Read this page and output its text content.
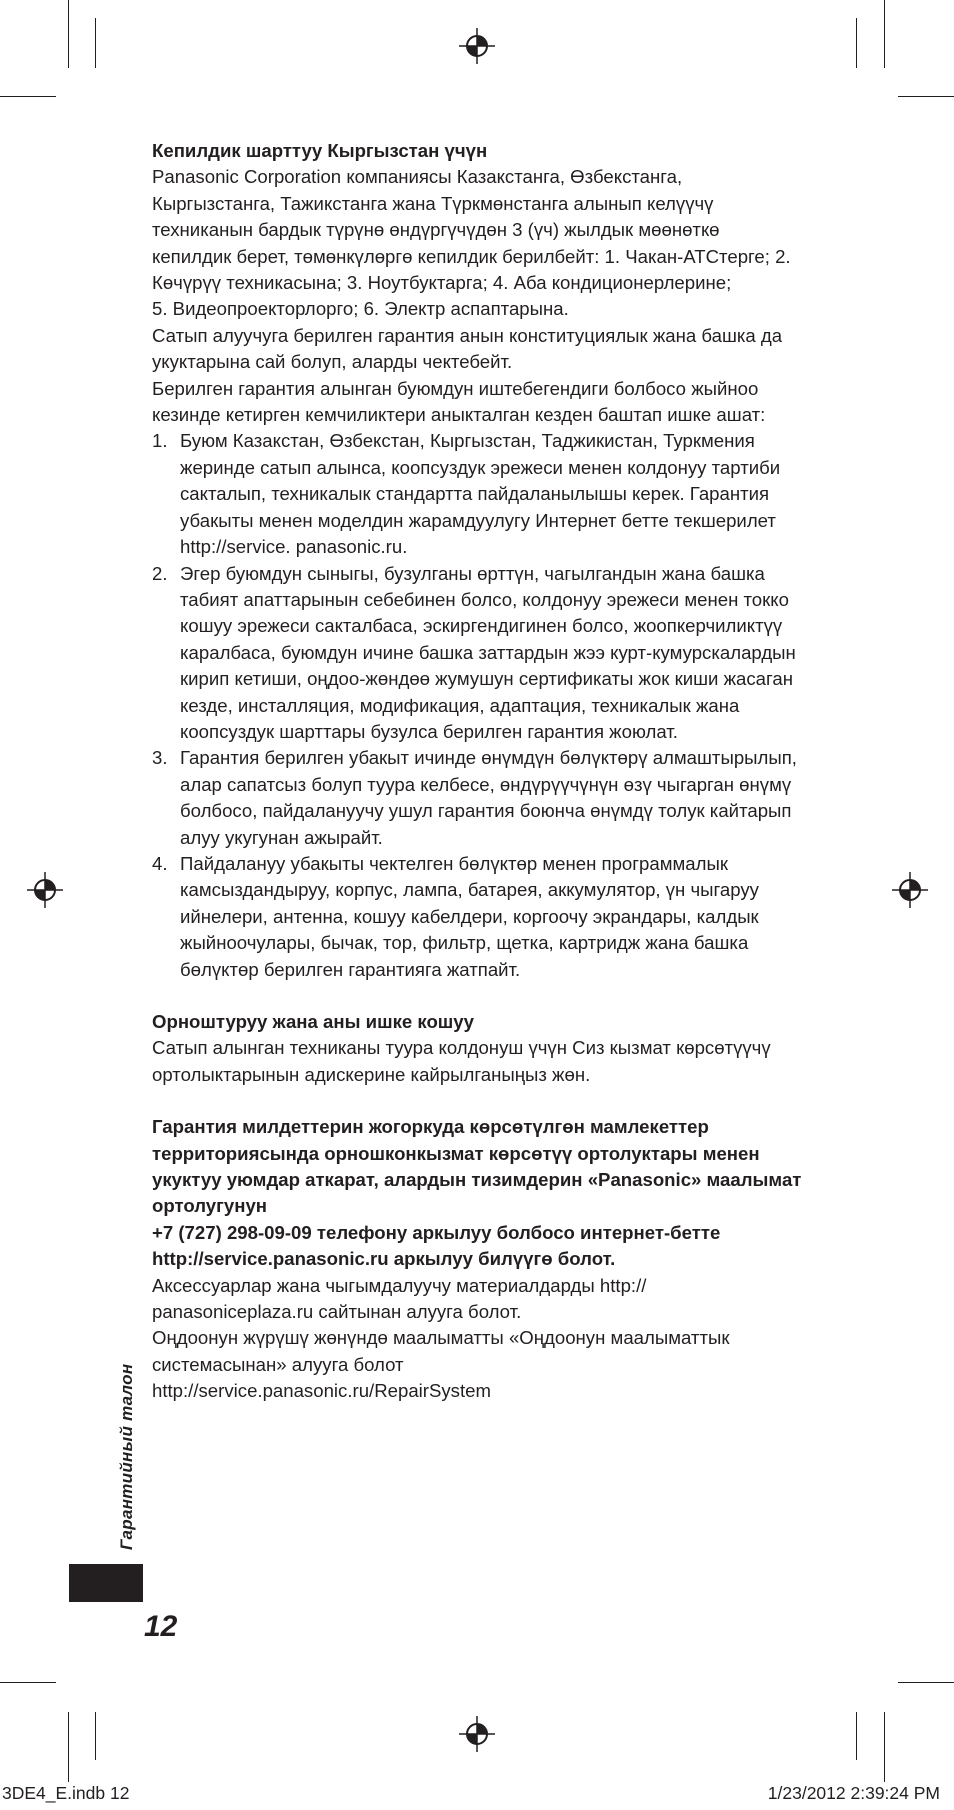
Кепилдик шарттуу Кыргызстан үчүн

Panasonic Corporation компаниясы Казакстанга, Өзбекстанга, Кыргызстанга, Тажикстанга жана Түркмөнстанга алынып келүүчү техниканын бардык түрүнө өндүргүчүдөн 3 (үч) жылдык мөөнөткө кепилдик берет, төмөнкүлөргө кепилдик берилбейт: 1. Чакан-АТСтерге; 2. Көчүрүү техникасына; 3. Ноутбуктарга; 4. Аба кондиционерлерине;

5. Видеопроекторлорго; 6. Электр аспаптарына.

Сатып алуучуга берилген гарантия анын конституциялык жана башка да укуктарына сай болуп, аларды чектебейт.

Берилген гарантия алынган буюмдун иштебегендиги болбосо жыйноо кезинде кетирген кемчиликтери аныкталган кезден баштап ишке ашат:

1. Буюм Казакстан, Өзбекстан, Кыргызстан, Таджикистан, Туркмения жеринде сатып алынса, коопсуздук эрежеси менен колдонуу тартиби сакталып, техникалык стандартта пайдаланылышы керек. Гарантия убакыты менен моделдин жарамдуулугу Интернет бетте текшерилет http://service. panasonic.ru.
2. Эгер буюмдун сыныгы, бузулганы өрттүн, чагылгандын жана башка табият апаттарынын себебинен болсо, колдонуу эрежеси менен токко кошуу эрежеси сакталбаса, эскиргендигинен болсо, жоопкерчиликтүү каралбаса, буюмдун ичине башка заттардын жээ курт-кумурскалардын кирип кетиши, оңдоо-жөндөө жумушун сертификаты жок киши жасаган кезде, инсталляция, модификация, адаптация, техникалык жана коопсуздук шарттары бузулса берилген гарантия жоюлат.
3. Гарантия берилген убакыт ичинде өнүмдүн бөлүктөрү алмаштырылып, алар сапатсыз болуп туура келбесе, өндүрүүчүнүн өзү чыгарган өнүмү болбосо, пайдалануучу ушул гарантия боюнча өнүмдү толук кайтарып алуу укугунан ажырайт.
4. Пайдалануу убакыты чектелген бөлүктөр менен программалык камсыздандыруу, корпус, лампа, батарея, аккумулятор, үн чыгаруу ийнелери, антенна, кошуу кабелдери, коргоочу экрандары, калдык жыйноочулары, бычак, тор, фильтр, щетка, картридж жана башка бөлүктөр берилген гарантияга жатпайт.

Орноштуруу жана аны ишке кошуу

Сатып алынган техниканы туура колдонуш үчүн Сиз кызмат көрсөтүүчү ортолыктарынын адискерине кайрылганыңыз жөн.

Гарантия милдеттерин жогоркуда көрсөтүлгөн мамлекеттер территориясында орношконкызмат көрсөтүү ортолуктары менен укуктуу уюмдар аткарат, алардын тизимдерин «Panasonic» маалымат ортолугунун

+7 (727) 298-09-09 телефону аркылуу болбосо интернет-бетте http://service.panasonic.ru аркылуу билүүгө болот.

Аксессуарлар жана чыгымдалуучу материалдарды http:// panasoniceplaza.ru сайтынан алууга болот.

Оңдоонун жүрүшү жөнүндө маалыматты «Оңдоонун маалыматтык системасынан» алууга болот

http://service.panasonic.ru/RepairSystem

Гарантийный талон
12
3DE4_E.indb 12	1/23/2012 2:39:24 PM
